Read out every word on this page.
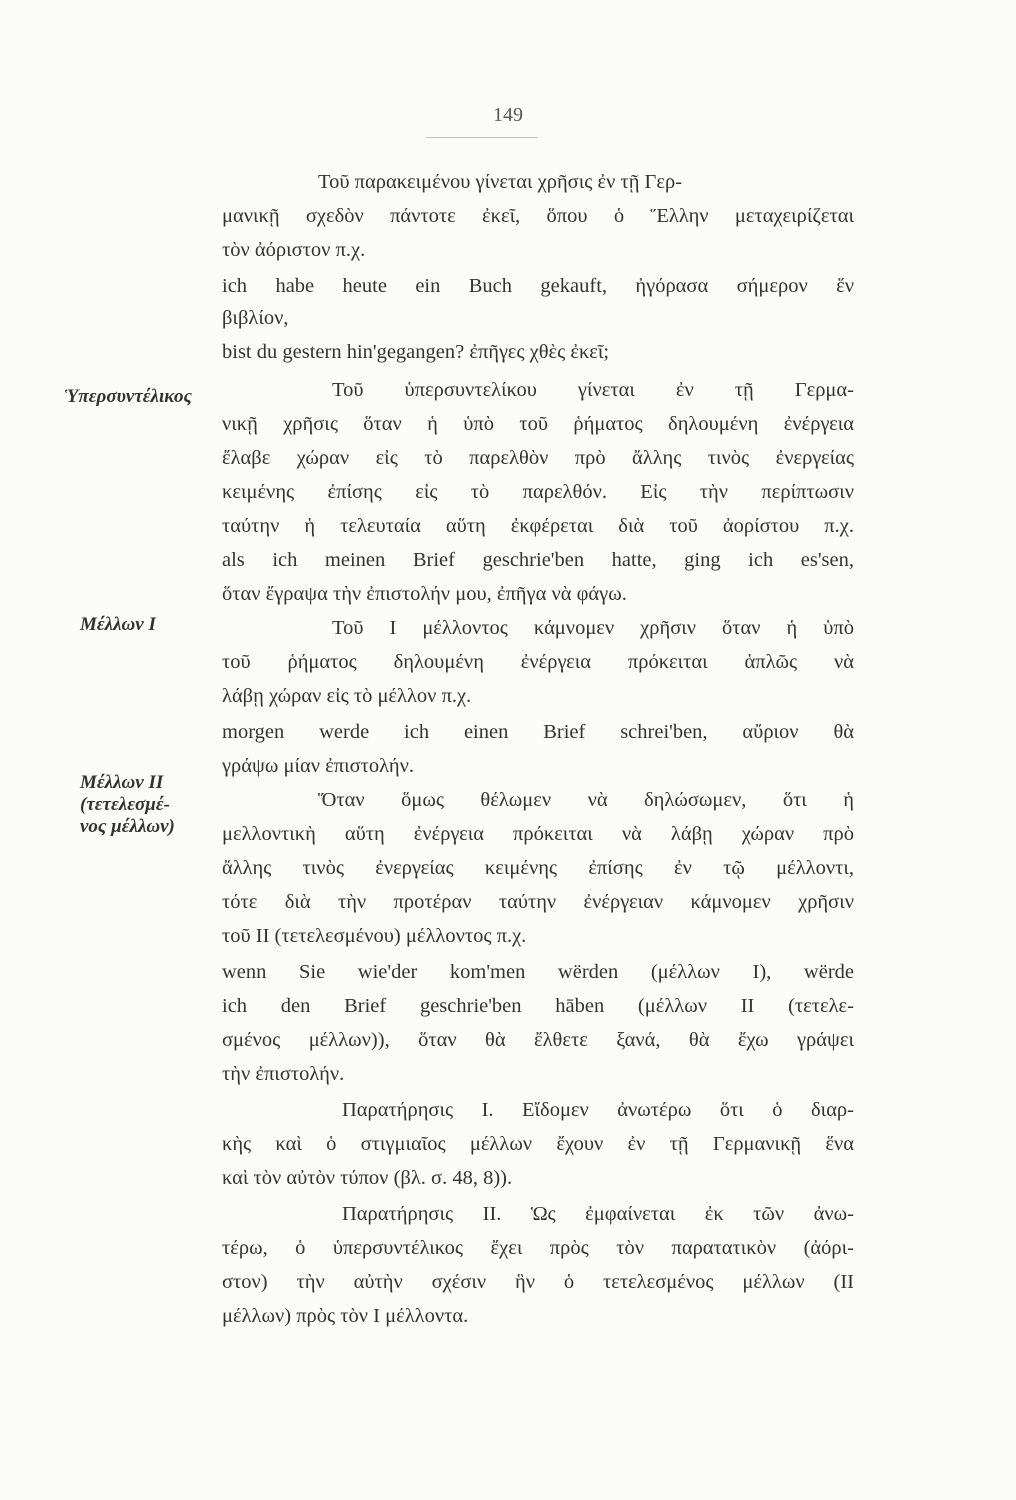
149
Ὑπερσυντέλικος
Μέλλων I
Μέλλων II
(τετελεσμέ-
νος μέλλων)
Τοῦ παρακειμένου γίνεται χρῆσις ἐν τῇ Γερ-
μανικῇ σχεδὸν πάντοτε ἐκεῖ, ὅπου ὁ Ἕλλην μεταχειρίζεται
τὸν ἀόριστον π.χ.
ich habe heute ein Buch gekauft, ἠγόρασα σήμερον ἕν
βιβλίον,
bist du gestern hin'gegangen? ἐπῆγες χθὲς ἐκεῖ;
Τοῦ ὑπερσυντελίκου γίνεται ἐν τῇ Γερμα-
νικῇ χρῆσις ὅταν ἡ ὑπὸ τοῦ ῥήματος δηλουμένη ἐνέργεια
ἔλαβε χώραν εἰς τὸ παρελθὸν πρὸ ἄλλης τινὸς ἐνεργείας
κειμένης ἐπίσης εἰς τὸ παρελθόν. Εἰς τὴν περίπτωσιν
ταύτην ἡ τελευταία αὕτη ἐκφέρεται διὰ τοῦ ἀορίστου π.χ.
als ich meinen Brief geschrie'ben hatte, ging ich es'sen,
ὅταν ἔγραψα τὴν ἐπιστολήν μου, ἐπῆγα νὰ φάγω.
Τοῦ I μέλλοντος κάμνομεν χρῆσιν ὅταν ἡ ὑπὸ
τοῦ ῥήματος δηλουμένη ἐνέργεια πρόκειται ἁπλῶς νὰ
λάβῃ χώραν εἰς τὸ μέλλον π.χ.
morgen werde ich einen Brief schrei'ben, αὔριον θὰ
γράψω μίαν ἐπιστολήν.
Ὅταν ὅμως θέλωμεν νὰ δηλώσωμεν, ὅτι ἡ
μελλοντικὴ αὕτη ἐνέργεια πρόκειται νὰ λάβῃ χώραν πρὸ
ἄλλης τινὸς ἐνεργείας κειμένης ἐπίσης ἐν τῷ μέλλοντι,
τότε διὰ τὴν προτέραν ταύτην ἐνέργειαν κάμνομεν χρῆσιν
τοῦ II (τετελεσμένου) μέλλοντος π.χ.
wenn Sie wie'der kom'men wërden (μέλλων I), wërde
ich den Brief geschrie'ben hāben (μέλλων II (τετελε-
σμένος μέλλων)), ὅταν θὰ ἔλθετε ξανά, θὰ ἔχω γράψει
τὴν ἐπιστολήν.
Παρατήρησις I. Εἴδομεν ἀνωτέρω ὅτι ὁ διαρ-
κὴς καὶ ὁ στιγμιαῖος μέλλων ἔχουν ἐν τῇ Γερμανικῇ ἕνα
καὶ τὸν αὐτὸν τύπον (βλ. σ. 48, 8)).
Παρατήρησις II. Ὡς ἐμφαίνεται ἐκ τῶν ἀνω-
τέρω, ὁ ὑπερσυντέλικος ἔχει πρὸς τὸν παρατατικὸν (ἀόρι-
στον) τὴν αὐτὴν σχέσιν ἣν ὁ τετελεσμένος μέλλων (II
μέλλων) πρὸς τὸν I μέλλοντα.
